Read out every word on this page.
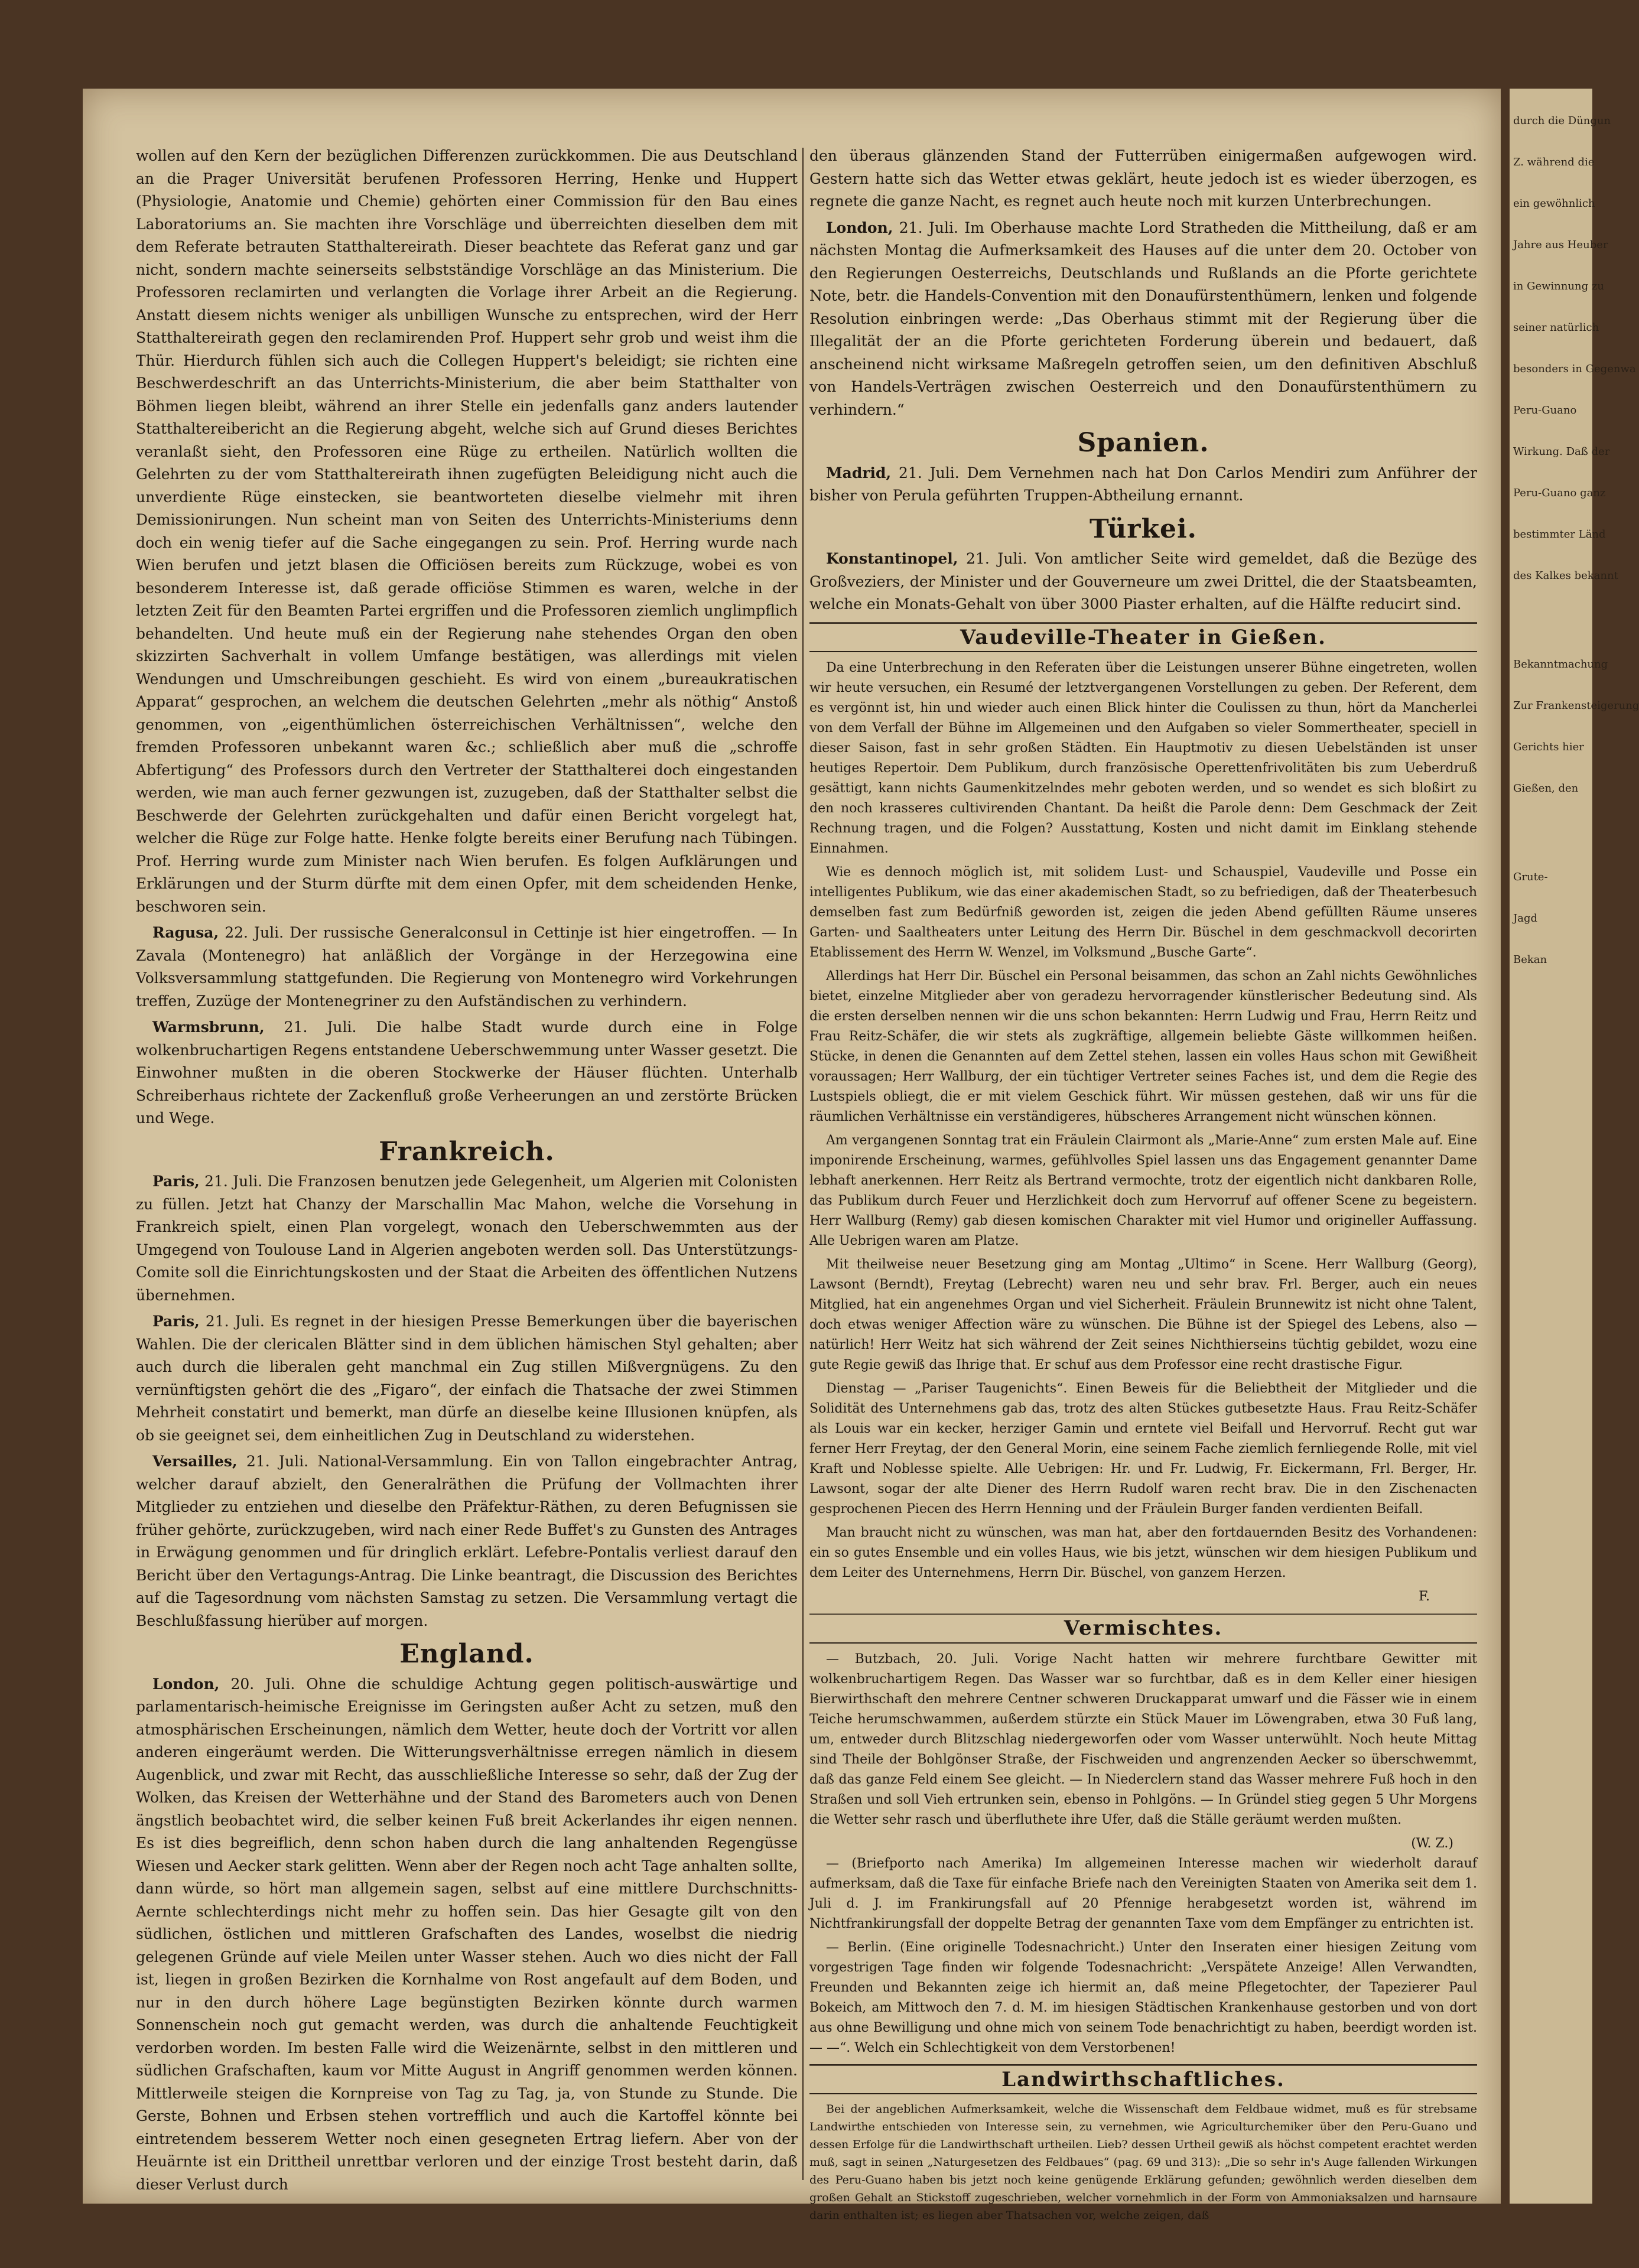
wollen auf den Kern der bezüglichen Differenzen zurückkommen. Die aus Deutschland an die Prager Universität berufenen Professoren Herring, Henke und Huppert (Physiologie, Anatomie und Chemie) gehörten einer Commission für den Bau eines Laboratoriums an. Sie machten ihre Vorschläge und überreichten dieselben dem mit dem Referate betrauten Statthaltereirath. Dieser beachtete das Referat ganz und gar nicht, sondern machte seinerseits selbstständige Vorschläge an das Ministerium. Die Professoren reclamirten und verlangten die Vorlage ihrer Arbeit an die Regierung. Anstatt diesem nichts weniger als unbilligen Wunsche zu entsprechen, wird der Herr Statthaltereirath gegen den reclamirenden Prof. Huppert sehr grob und weist ihm die Thür. Hierdurch fühlen sich auch die Collegen Huppert's beleidigt; sie richten eine Beschwerdeschrift an das Unterrichts-Ministerium, die aber beim Statthalter von Böhmen liegen bleibt, während an ihrer Stelle ein jedenfalls ganz anders lautender Statthaltereibericht an die Regierung abgeht, welche sich auf Grund dieses Berichtes veranlaßt sieht, den Professoren eine Rüge zu ertheilen. Natürlich wollten die Gelehrten zu der vom Statthaltereirath ihnen zugefügten Beleidigung nicht auch die unverdiente Rüge einstecken, sie beantworteten dieselbe vielmehr mit ihren Demissionirungen. Nun scheint man von Seiten des Unterrichts-Ministeriums denn doch ein wenig tiefer auf die Sache eingegangen zu sein. Prof. Herring wurde nach Wien berufen und jetzt blasen die Officiösen bereits zum Rückzuge, wobei es von besonderem Interesse ist, daß gerade officiöse Stimmen es waren, welche in der letzten Zeit für den Beamten Partei ergriffen und die Professoren ziemlich unglimpflich behandelten. Und heute muß ein der Regierung nahe stehendes Organ den oben skizzirten Sachverhalt in vollem Umfange bestätigen, was allerdings mit vielen Wendungen und Umschreibungen geschieht. Es wird von einem „bureaukratischen Apparat“ gesprochen, an welchem die deutschen Gelehrten „mehr als nöthig“ Anstoß genommen, von „eigenthümlichen österreichischen Verhältnissen“, welche den fremden Professoren unbekannt waren &c.; schließlich aber muß die „schroffe Abfertigung“ des Professors durch den Vertreter der Statthalterei doch eingestanden werden, wie man auch ferner gezwungen ist, zuzugeben, daß der Statthalter selbst die Beschwerde der Gelehrten zurückgehalten und dafür einen Bericht vorgelegt hat, welcher die Rüge zur Folge hatte. Henke folgte bereits einer Berufung nach Tübingen. Prof. Herring wurde zum Minister nach Wien berufen. Es folgen Aufklärungen und Erklärungen und der Sturm dürfte mit dem einen Opfer, mit dem scheidenden Henke, beschworen sein.

Ragusa, 22. Juli. Der russische Generalconsul in Cettinje ist hier eingetroffen. — In Zavala (Montenegro) hat anläßlich der Vorgänge in der Herzegowina eine Volksversammlung stattgefunden. Die Regierung von Montenegro wird Vorkehrungen treffen, Zuzüge der Montenegriner zu den Aufständischen zu verhindern.

Warmsbrunn, 21. Juli. Die halbe Stadt wurde durch eine in Folge wolkenbruchartigen Regens entstandene Ueberschwemmung unter Wasser gesetzt. Die Einwohner mußten in die oberen Stockwerke der Häuser flüchten. Unterhalb Schreiberhaus richtete der Zackenfluß große Verheerungen an und zerstörte Brücken und Wege.

Frankreich.

Paris, 21. Juli. Die Franzosen benutzen jede Gelegenheit, um Algerien mit Colonisten zu füllen. Jetzt hat Chanzy der Marschallin Mac Mahon, welche die Vorsehung in Frankreich spielt, einen Plan vorgelegt, wonach den Ueberschwemmten aus der Umgegend von Toulouse Land in Algerien angeboten werden soll. Das Unterstützungs-Comite soll die Einrichtungskosten und der Staat die Arbeiten des öffentlichen Nutzens übernehmen.

Paris, 21. Juli. Es regnet in der hiesigen Presse Bemerkungen über die bayerischen Wahlen. Die der clericalen Blätter sind in dem üblichen hämischen Styl gehalten; aber auch durch die liberalen geht manchmal ein Zug stillen Mißvergnügens. Zu den vernünftigsten gehört die des „Figaro“, der einfach die Thatsache der zwei Stimmen Mehrheit constatirt und bemerkt, man dürfe an dieselbe keine Illusionen knüpfen, als ob sie geeignet sei, dem einheitlichen Zug in Deutschland zu widerstehen.

Versailles, 21. Juli. National-Versammlung. Ein von Tallon eingebrachter Antrag, welcher darauf abzielt, den Generalräthen die Prüfung der Vollmachten ihrer Mitglieder zu entziehen und dieselbe den Präfektur-Räthen, zu deren Befugnissen sie früher gehörte, zurückzugeben, wird nach einer Rede Buffet's zu Gunsten des Antrages in Erwägung genommen und für dringlich erklärt. Lefebre-Pontalis verliest darauf den Bericht über den Vertagungs-Antrag. Die Linke beantragt, die Discussion des Berichtes auf die Tagesordnung vom nächsten Samstag zu setzen. Die Versammlung vertagt die Beschlußfassung hierüber auf morgen.

England.

London, 20. Juli. Ohne die schuldige Achtung gegen politisch-auswärtige und parlamentarisch-heimische Ereignisse im Geringsten außer Acht zu setzen, muß den atmosphärischen Erscheinungen, nämlich dem Wetter, heute doch der Vortritt vor allen anderen eingeräumt werden. Die Witterungsverhältnisse erregen nämlich in diesem Augenblick, und zwar mit Recht, das ausschließliche Interesse so sehr, daß der Zug der Wolken, das Kreisen der Wetterhähne und der Stand des Barometers auch von Denen ängstlich beobachtet wird, die selber keinen Fuß breit Ackerlandes ihr eigen nennen. Es ist dies begreiflich, denn schon haben durch die lang anhaltenden Regengüsse Wiesen und Aecker stark gelitten. Wenn aber der Regen noch acht Tage anhalten sollte, dann würde, so hört man allgemein sagen, selbst auf eine mittlere Durchschnitts-Aernte schlechterdings nicht mehr zu hoffen sein. Das hier Gesagte gilt von den südlichen, östlichen und mittleren Grafschaften des Landes, woselbst die niedrig gelegenen Gründe auf viele Meilen unter Wasser stehen. Auch wo dies nicht der Fall ist, liegen in großen Bezirken die Kornhalme von Rost angefault auf dem Boden, und nur in den durch höhere Lage begünstigten Bezirken könnte durch warmen Sonnenschein noch gut gemacht werden, was durch die anhaltende Feuchtigkeit verdorben worden. Im besten Falle wird die Weizenärnte, selbst in den mittleren und südlichen Grafschaften, kaum vor Mitte August in Angriff genommen werden können. Mittlerweile steigen die Kornpreise von Tag zu Tag, ja, von Stunde zu Stunde. Die Gerste, Bohnen und Erbsen stehen vortrefflich und auch die Kartoffel könnte bei eintretendem besserem Wetter noch einen gesegneten Ertrag liefern. Aber von der Heuärnte ist ein Drittheil unrettbar verloren und der einzige Trost besteht darin, daß dieser Verlust durch

den überaus glänzenden Stand der Futterrüben einigermaßen aufgewogen wird. Gestern hatte sich das Wetter etwas geklärt, heute jedoch ist es wieder überzogen, es regnete die ganze Nacht, es regnet auch heute noch mit kurzen Unterbrechungen.

London, 21. Juli. Im Oberhause machte Lord Stratheden die Mittheilung, daß er am nächsten Montag die Aufmerksamkeit des Hauses auf die unter dem 20. October von den Regierungen Oesterreichs, Deutschlands und Rußlands an die Pforte gerichtete Note, betr. die Handels-Convention mit den Donaufürstenthümern, lenken und folgende Resolution einbringen werde: „Das Oberhaus stimmt mit der Regierung über die Illegalität der an die Pforte gerichteten Forderung überein und bedauert, daß anscheinend nicht wirksame Maßregeln getroffen seien, um den definitiven Abschluß von Handels-Verträgen zwischen Oesterreich und den Donaufürstenthümern zu verhindern.“

Spanien.

Madrid, 21. Juli. Dem Vernehmen nach hat Don Carlos Mendiri zum Anführer der bisher von Perula geführten Truppen-Abtheilung ernannt.

Türkei.

Konstantinopel, 21. Juli. Von amtlicher Seite wird gemeldet, daß die Bezüge des Großveziers, der Minister und der Gouverneure um zwei Drittel, die der Staatsbeamten, welche ein Monats-Gehalt von über 3000 Piaster erhalten, auf die Hälfte reducirt sind.

Vaudeville-Theater in Gießen.

Da eine Unterbrechung in den Referaten über die Leistungen unserer Bühne eingetreten, wollen wir heute versuchen, ein Resumé der letztvergangenen Vorstellungen zu geben. Der Referent, dem es vergönnt ist, hin und wieder auch einen Blick hinter die Coulissen zu thun, hört da Mancherlei von dem Verfall der Bühne im Allgemeinen und den Aufgaben so vieler Sommertheater, speciell in dieser Saison, fast in sehr großen Städten. Ein Hauptmotiv zu diesen Uebelständen ist unser heutiges Repertoir. Dem Publikum, durch französische Operettenfrivolitäten bis zum Ueberdruß gesättigt, kann nichts Gaumenkitzelndes mehr geboten werden, und so wendet es sich bloßirt zu den noch krasseres cultivirenden Chantant. Da heißt die Parole denn: Dem Geschmack der Zeit Rechnung tragen, und die Folgen? Ausstattung, Kosten und nicht damit im Einklang stehende Einnahmen.

Wie es dennoch möglich ist, mit solidem Lust- und Schauspiel, Vaudeville und Posse ein intelligentes Publikum, wie das einer akademischen Stadt, so zu befriedigen, daß der Theaterbesuch demselben fast zum Bedürfniß geworden ist, zeigen die jeden Abend gefüllten Räume unseres Garten- und Saaltheaters unter Leitung des Herrn Dir. Büschel in dem geschmackvoll decorirten Etablissement des Herrn W. Wenzel, im Volksmund „Busche Garte“.

Allerdings hat Herr Dir. Büschel ein Personal beisammen, das schon an Zahl nichts Gewöhnliches bietet, einzelne Mitglieder aber von geradezu hervorragender künstlerischer Bedeutung sind. Als die ersten derselben nennen wir die uns schon bekannten: Herrn Ludwig und Frau, Herrn Reitz und Frau Reitz-Schäfer, die wir stets als zugkräftige, allgemein beliebte Gäste willkommen heißen. Stücke, in denen die Genannten auf dem Zettel stehen, lassen ein volles Haus schon mit Gewißheit voraussagen; Herr Wallburg, der ein tüchtiger Vertreter seines Faches ist, und dem die Regie des Lustspiels obliegt, die er mit vielem Geschick führt. Wir müssen gestehen, daß wir uns für die räumlichen Verhältnisse ein verständigeres, hübscheres Arrangement nicht wünschen können.

Am vergangenen Sonntag trat ein Fräulein Clairmont als „Marie-Anne“ zum ersten Male auf. Eine imponirende Erscheinung, warmes, gefühlvolles Spiel lassen uns das Engagement genannter Dame lebhaft anerkennen. Herr Reitz als Bertrand vermochte, trotz der eigentlich nicht dankbaren Rolle, das Publikum durch Feuer und Herzlichkeit doch zum Hervorruf auf offener Scene zu begeistern. Herr Wallburg (Remy) gab diesen komischen Charakter mit viel Humor und origineller Auffassung. Alle Uebrigen waren am Platze.

Mit theilweise neuer Besetzung ging am Montag „Ultimo“ in Scene. Herr Wallburg (Georg), Lawsont (Berndt), Freytag (Lebrecht) waren neu und sehr brav. Frl. Berger, auch ein neues Mitglied, hat ein angenehmes Organ und viel Sicherheit. Fräulein Brunnewitz ist nicht ohne Talent, doch etwas weniger Affection wäre zu wünschen. Die Bühne ist der Spiegel des Lebens, also — natürlich! Herr Weitz hat sich während der Zeit seines Nichthierseins tüchtig gebildet, wozu eine gute Regie gewiß das Ihrige that. Er schuf aus dem Professor eine recht drastische Figur.

Dienstag — „Pariser Taugenichts“. Einen Beweis für die Beliebtheit der Mitglieder und die Solidität des Unternehmens gab das, trotz des alten Stückes gutbesetzte Haus. Frau Reitz-Schäfer als Louis war ein kecker, herziger Gamin und erntete viel Beifall und Hervorruf. Recht gut war ferner Herr Freytag, der den General Morin, eine seinem Fache ziemlich fernliegende Rolle, mit viel Kraft und Noblesse spielte. Alle Uebrigen: Hr. und Fr. Ludwig, Fr. Eickermann, Frl. Berger, Hr. Lawsont, sogar der alte Diener des Herrn Rudolf waren recht brav. Die in den Zischenacten gesprochenen Piecen des Herrn Henning und der Fräulein Burger fanden verdienten Beifall.

Man braucht nicht zu wünschen, was man hat, aber den fortdauernden Besitz des Vorhandenen: ein so gutes Ensemble und ein volles Haus, wie bis jetzt, wünschen wir dem hiesigen Publikum und dem Leiter des Unternehmens, Herrn Dir. Büschel, von ganzem Herzen.

F.
Vermischtes.

— Butzbach, 20. Juli. Vorige Nacht hatten wir mehrere furchtbare Gewitter mit wolkenbruchartigem Regen. Das Wasser war so furchtbar, daß es in dem Keller einer hiesigen Bierwirthschaft den mehrere Centner schweren Druckapparat umwarf und die Fässer wie in einem Teiche herumschwammen, außerdem stürzte ein Stück Mauer im Löwengraben, etwa 30 Fuß lang, um, entweder durch Blitzschlag niedergeworfen oder vom Wasser unterwühlt. Noch heute Mittag sind Theile der Bohlgönser Straße, der Fischweiden und angrenzenden Aecker so überschwemmt, daß das ganze Feld einem See gleicht. — In Niederclern stand das Wasser mehrere Fuß hoch in den Straßen und soll Vieh ertrunken sein, ebenso in Pohlgöns. — In Gründel stieg gegen 5 Uhr Morgens die Wetter sehr rasch und überfluthete ihre Ufer, daß die Ställe geräumt werden mußten.

(W. Z.)

— (Briefporto nach Amerika) Im allgemeinen Interesse machen wir wiederholt darauf aufmerksam, daß die Taxe für einfache Briefe nach den Vereinigten Staaten von Amerika seit dem 1. Juli d. J. im Frankirungsfall auf 20 Pfennige herabgesetzt worden ist, während im Nichtfrankirungsfall der doppelte Betrag der genannten Taxe vom dem Empfänger zu entrichten ist.

— Berlin. (Eine originelle Todesnachricht.) Unter den Inseraten einer hiesigen Zeitung vom vorgestrigen Tage finden wir folgende Todesnachricht: „Verspätete Anzeige! Allen Verwandten, Freunden und Bekannten zeige ich hiermit an, daß meine Pflegetochter, der Tapezierer Paul Bokeich, am Mittwoch den 7. d. M. im hiesigen Städtischen Krankenhause gestorben und von dort aus ohne Bewilligung und ohne mich von seinem Tode benachrichtigt zu haben, beerdigt worden ist. — —“. Welch ein Schlechtigkeit von dem Verstorbenen!

Landwirthschaftliches.

Bei der angeblichen Aufmerksamkeit, welche die Wissenschaft dem Feldbaue widmet, muß es für strebsame Landwirthe entschieden von Interesse sein, zu vernehmen, wie Agriculturchemiker über den Peru-Guano und dessen Erfolge für die Landwirthschaft urtheilen. Lieb? dessen Urtheil gewiß als höchst competent erachtet werden muß, sagt in seinen „Naturgesetzen des Feldbaues“ (pag. 69 und 313): „Die so sehr in's Auge fallenden Wirkungen des Peru-Guano haben bis jetzt noch keine genügende Erklärung gefunden; gewöhnlich werden dieselben dem großen Gehalt an Stickstoff zugeschrieben, welcher vornehmlich in der Form von Ammoniaksalzen und harnsaure darin enthalten ist; es liegen aber Thatsachen vor, welche zeigen, daß

durch die Düngun
Z. während die
ein gewöhnlich
Jahre aus Heuber
in Gewinnung zu
seiner natürlich
besonders in Gegenwa
Peru-Guano
Wirkung. Daß der
Peru-Guano ganz
bestimmter Länd
des Kalkes bekannt
Bekanntmachung
Zur Frankensteigerung
Gerichts hier
Gießen, den
Grute-
Jagd
Bekan
